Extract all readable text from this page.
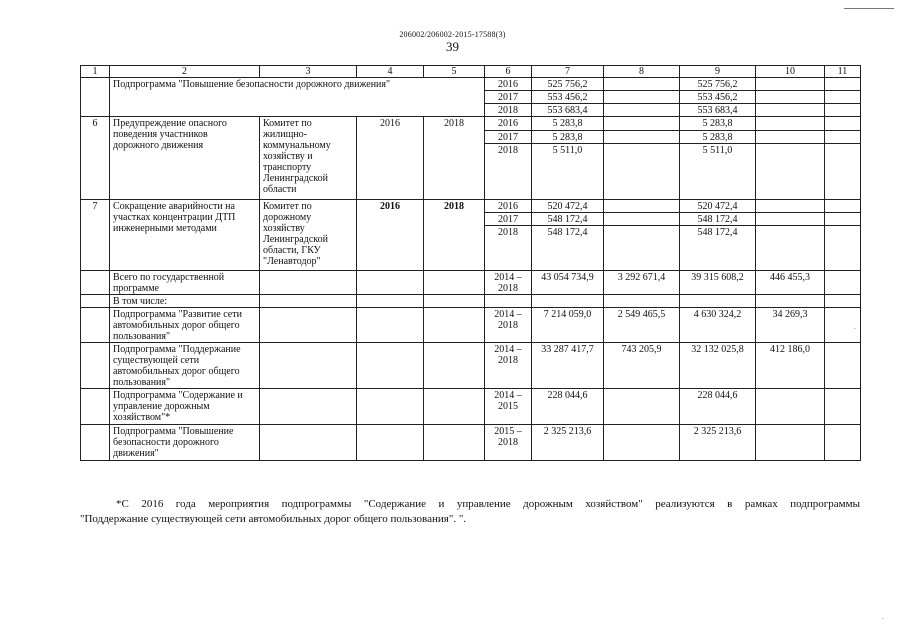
.
.
206002/206002-2015-17588(3)
39
1	2	3	4	5	6	7	8	9	10	11
	Подпрограмма "Повышение безопасности дорожного движения"				2016	525 756,2		525 756,2		
					2017	553 456,2		553 456,2		
					2018	553 683,4		553 683,4		
6	Предупреждение опасного поведения участников дорожного движения	Комитет по жилищно-коммунальному хозяйству и транспорту Ленинградской области	2016	2018	2016	5 283,8		5 283,8		
					2017	5 283,8		5 283,8		
					2018	5 511,0		5 511,0		
7	Сокращение аварийности на участках концентрации ДТП инженерными методами	Комитет по дорожному хозяйству Ленинградской области, ГКУ "Ленавтодор"	2016	2018	2016	520 472,4		520 472,4		
					2017	548 172,4		548 172,4		
					2018	548 172,4		548 172,4		
	Всего по государственной программе				2014 – 2018	43 054 734,9	3 292 671,4	39 315 608,2	446 455,3	
	В том числе:									
	Подпрограмма "Развитие сети автомобильных дорог общего пользования"				2014 – 2018	7 214 059,0	2 549 465,5	4 630 324,2	34 269,3	
	Подпрограмма "Поддержание существующей сети автомобильных дорог общего пользования"				2014 – 2018	33 287 417,7	743 205,9	32 132 025,8	412 186,0	
	Подпрограмма "Содержание и управление дорожным хозяйством"*				2014 – 2015	228 044,6		228 044,6		
	Подпрограмма "Повышение безопасности дорожного движения"				2015 – 2018	2 325 213,6		2 325 213,6		

*С 2016 года мероприятия подпрограммы "Содержание и управление дорожным хозяйством" реализуются в рамках подпрограммы

"Поддержание существующей сети автомобильных дорог общего пользования". ".
